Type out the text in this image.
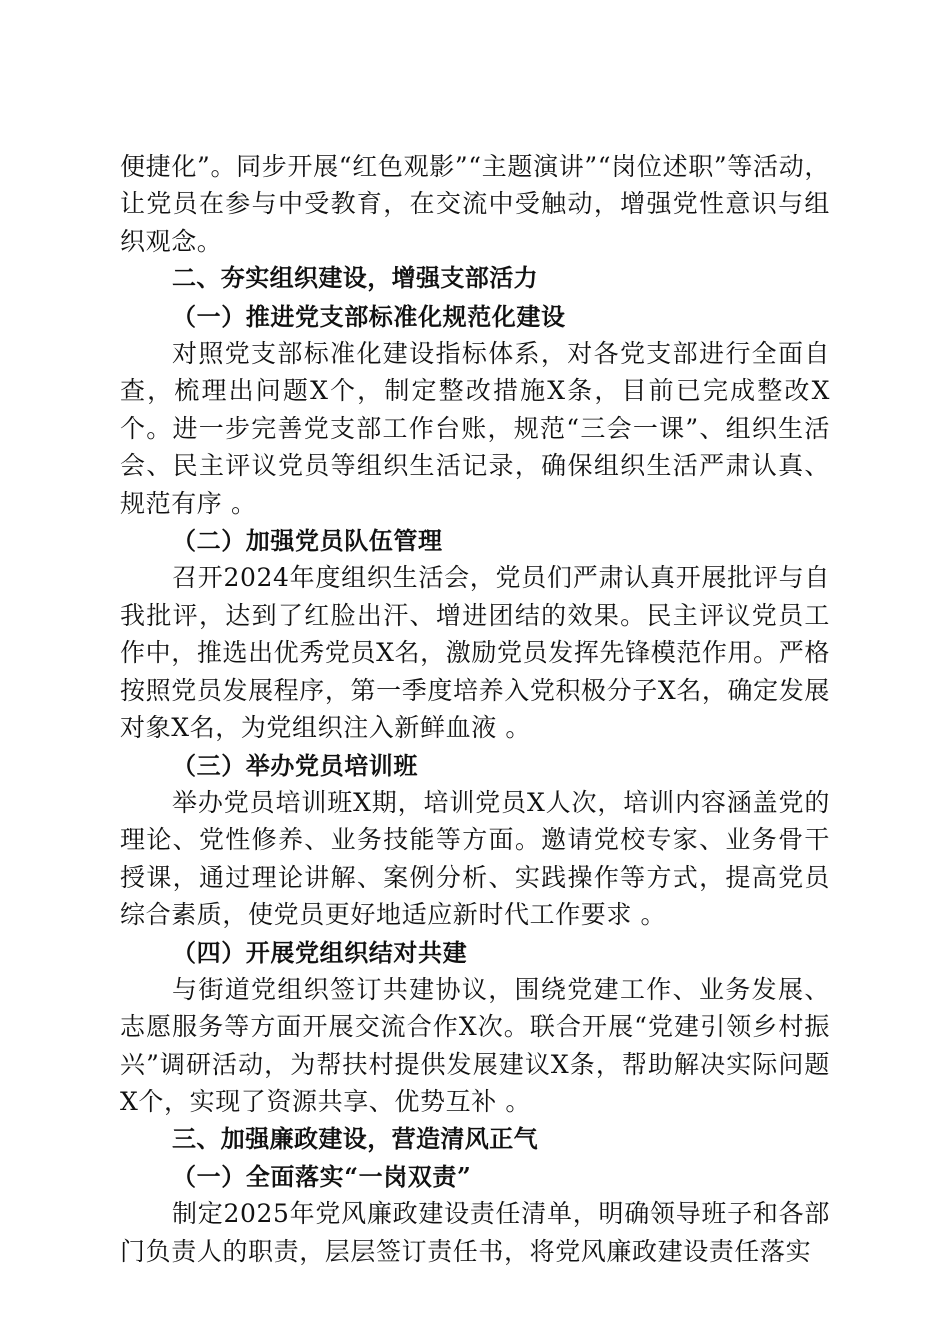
便捷化”。同步开展“红色观影”“主题演讲”“岗位述职”等活动，让党员在参与中受教育，在交流中受触动，增强党性意识与组织观念。

二、夯实组织建设，增强支部活力

（一）推进党支部标准化规范化建设

对照党支部标准化建设指标体系，对各党支部进行全面自查，梳理出问题X个，制定整改措施X条，目前已完成整改X个。进一步完善党支部工作台账，规范“三会一课”、组织生活会、民主评议党员等组织生活记录，确保组织生活严肃认真、规范有序 。

（二）加强党员队伍管理

召开2024年度组织生活会，党员们严肃认真开展批评与自我批评，达到了红脸出汗、增进团结的效果。民主评议党员工作中，推选出优秀党员X名，激励党员发挥先锋模范作用。严格按照党员发展程序，第一季度培养入党积极分子X名，确定发展对象X名，为党组织注入新鲜血液 。

（三）举办党员培训班

举办党员培训班X期，培训党员X人次，培训内容涵盖党的理论、党性修养、业务技能等方面。邀请党校专家、业务骨干授课，通过理论讲解、案例分析、实践操作等方式，提高党员综合素质，使党员更好地适应新时代工作要求 。

（四）开展党组织结对共建

与街道党组织签订共建协议，围绕党建工作、业务发展、志愿服务等方面开展交流合作X次。联合开展“党建引领乡村振兴”调研活动，为帮扶村提供发展建议X条，帮助解决实际问题X个，实现了资源共享、优势互补 。

三、加强廉政建设，营造清风正气

（一）全面落实“一岗双责”

制定2025年党风廉政建设责任清单，明确领导班子和各部门负责人的职责，层层签订责任书，将党风廉政建设责任落实
